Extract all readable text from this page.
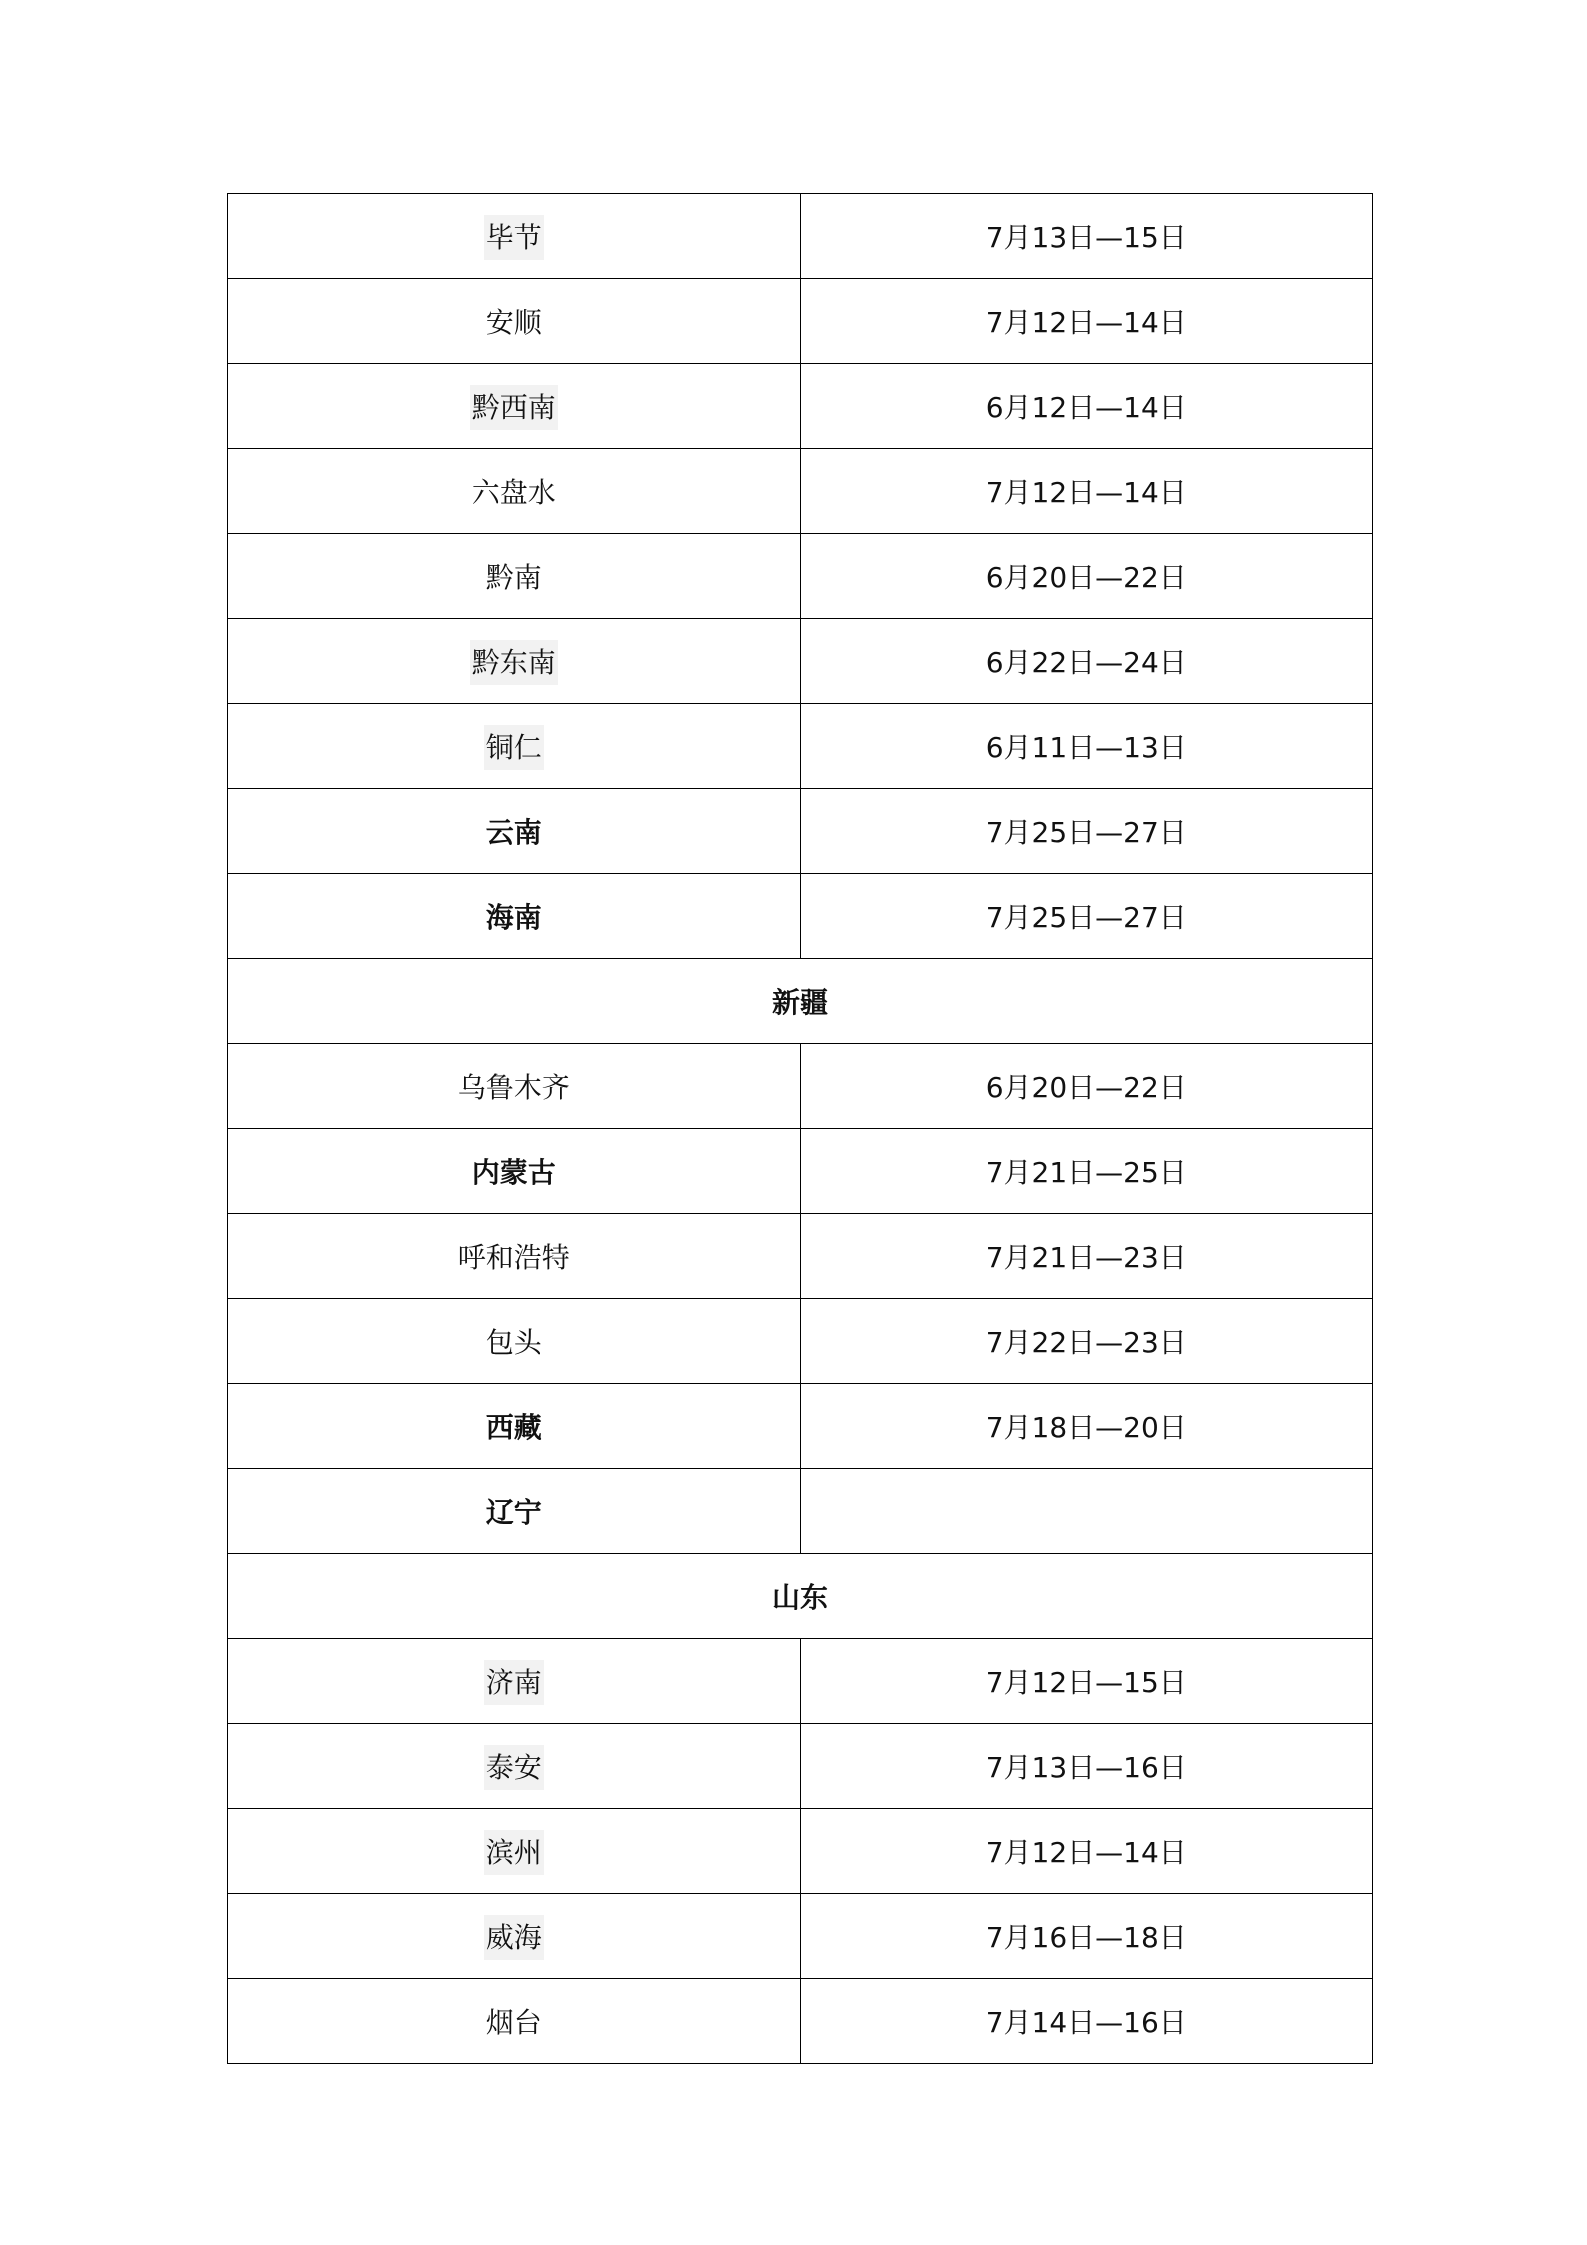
毕节	7月13日—15日
安顺	7月12日—14日
黔西南	6月12日—14日
六盘水	7月12日—14日
黔南	6月20日—22日
黔东南	6月22日—24日
铜仁	6月11日—13日
云南	7月25日—27日
海南	7月25日—27日
新疆	
乌鲁木齐	6月20日—22日
内蒙古	7月21日—25日
呼和浩特	7月21日—23日
包头	7月22日—23日
西藏	7月18日—20日
辽宁	
山东	
济南	7月12日—15日
泰安	7月13日—16日
滨州	7月12日—14日
威海	7月16日—18日
烟台	7月14日—16日
